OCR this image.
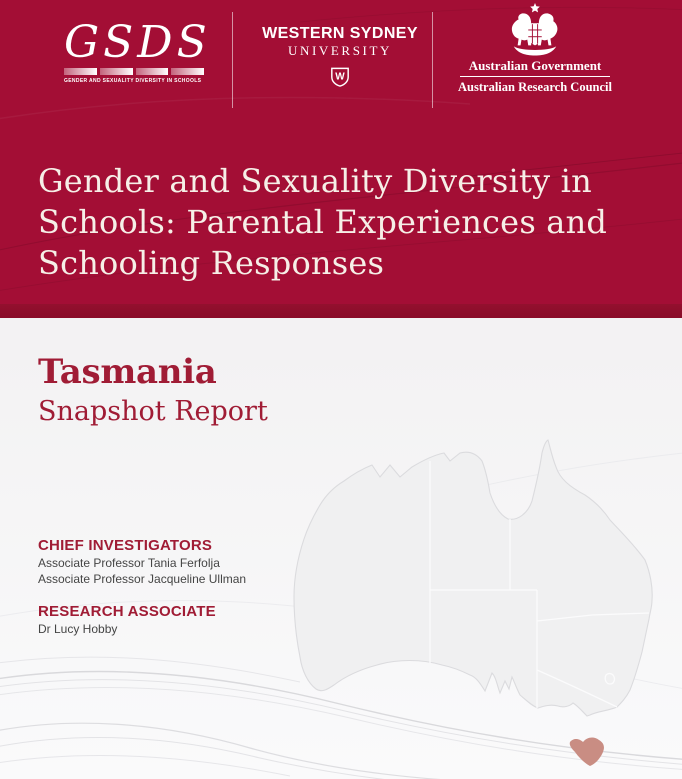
GSDS
GENDER AND SEXUALITY DIVERSITY IN SCHOOLS
WESTERN SYDNEY
UNIVERSITY
W
Australian Government
Australian Research Council
Gender and Sexuality Diversity in
Schools: Parental Experiences and
Schooling Responses
Tasmania
Snapshot Report
CHIEF INVESTIGATORS
Associate Professor Tania Ferfolja
Associate Professor Jacqueline Ullman
RESEARCH ASSOCIATE
Dr Lucy Hobby
